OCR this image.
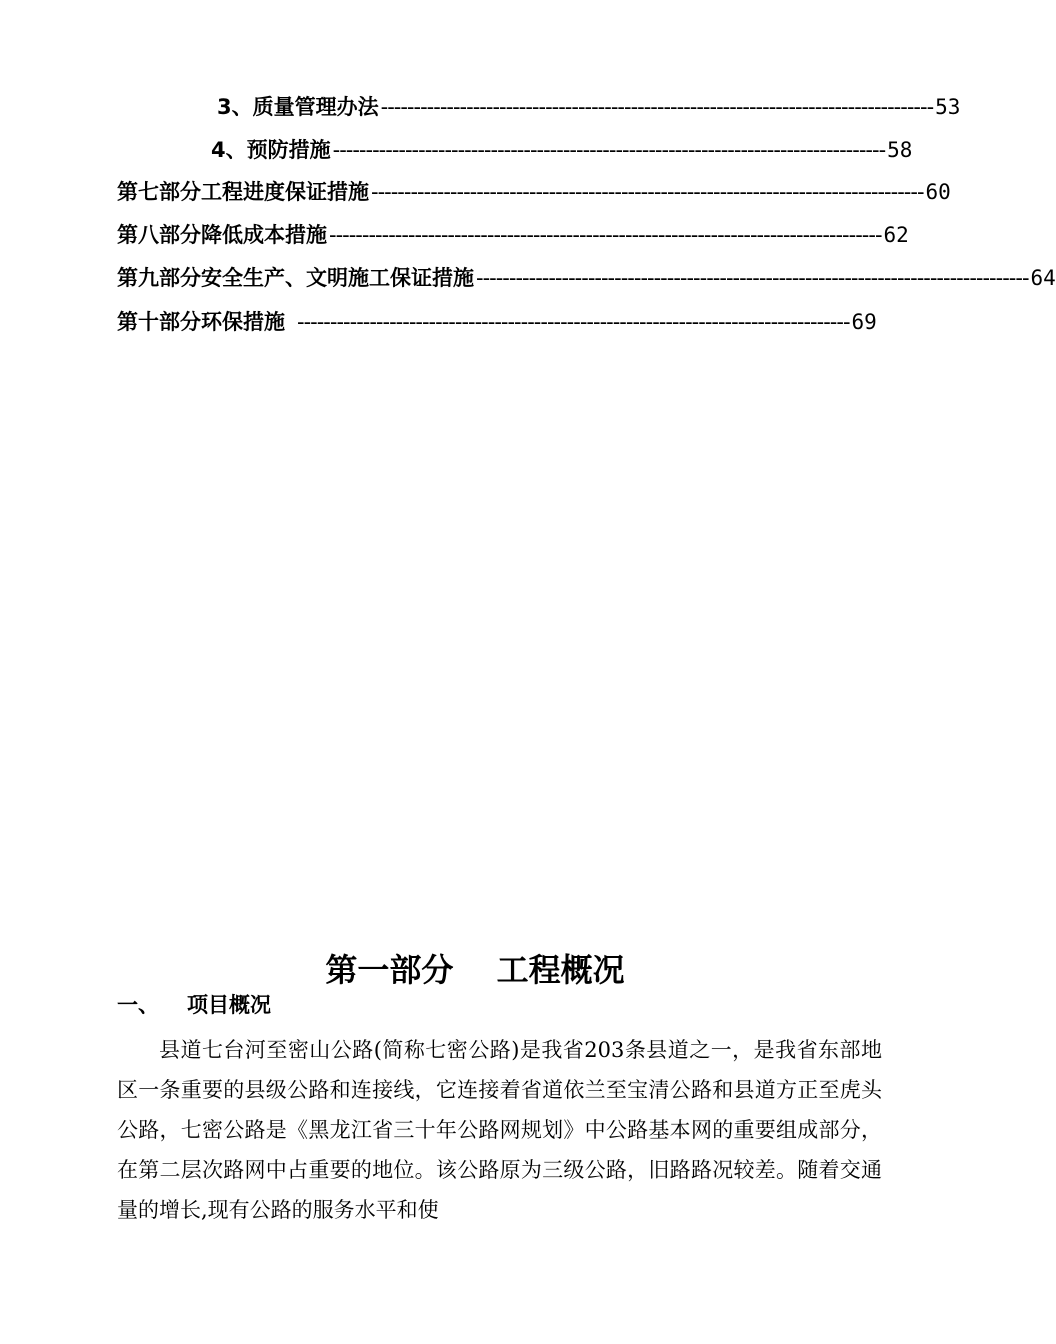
3、质量管理办法 ------------------------------------------------------------------------------------ 53
4、预防措施 ------------------------------------------------------------------------------------ 58
第七部分 工程进度保证措施 ------------------------------------------------------------------------------------ 60
第八部分 降低成本措施 ------------------------------------------------------------------------------------ 62
第九部分 安全生产、文明施工保证措施 ------------------------------------------------------------------------------------ 64
第十部分 环保措施 ------------------------------------------------------------------------------------ 69
第一部分　 工程概况
一、 项目概况

县道七台河至密山公路(简称七密公路)是我省203条县道之一，是我省东部地区一条重要的县级公路和连接线，它连接着省道依兰至宝清公路和县道方正至虎头公路，七密公路是《黑龙江省三十年公路网规划》中公路基本网的重要组成部分，在第二层次路网中占重要的地位。该公路原为三级公路，旧路路况较差。随着交通量的增长,现有公路的服务水平和使
